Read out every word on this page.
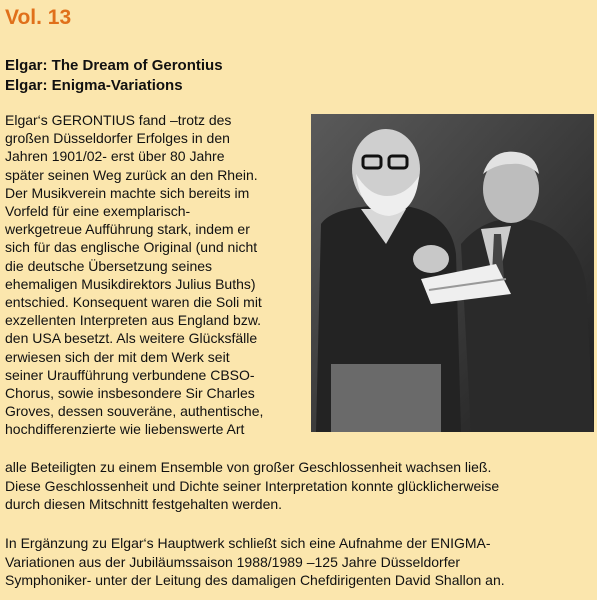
Vol. 13
Elgar: The Dream of Gerontius
Elgar: Enigma-Variations
Elgar‘s GERONTIUS fand –trotz des
großen Düsseldorfer Erfolges in den
Jahren 1901/02- erst über 80 Jahre
später seinen Weg zurück an den Rhein.
Der Musikverein machte sich bereits im
Vorfeld für eine exemplarisch-
werkgetreue Aufführung stark, indem er
sich für das englische Original (und nicht
die deutsche Übersetzung seines
ehemaligen Musikdirektors Julius Buths)
entschied. Konsequent waren die Soli mit
exzellenten Interpreten aus England bzw.
den USA besetzt. Als weitere Glücksfälle
erwiesen sich der mit dem Werk seit
seiner Uraufführung verbundene CBSO-
Chorus, sowie insbesondere Sir Charles
Groves, dessen souveräne, authentische,
hochdifferenzierte wie liebenswerte Art
alle Beteiligten zu einem Ensemble von großer Geschlossenheit wachsen ließ.
Diese Geschlossenheit und Dichte seiner Interpretation konnte glücklicherweise
durch diesen Mitschnitt festgehalten werden.
In Ergänzung zu Elgar‘s Hauptwerk schließt sich eine Aufnahme der ENIGMA-
Variationen aus der Jubiläumssaison 1988/1989 –125 Jahre Düsseldorfer
Symphoniker- unter der Leitung des damaligen Chefdirigenten David Shallon an.
